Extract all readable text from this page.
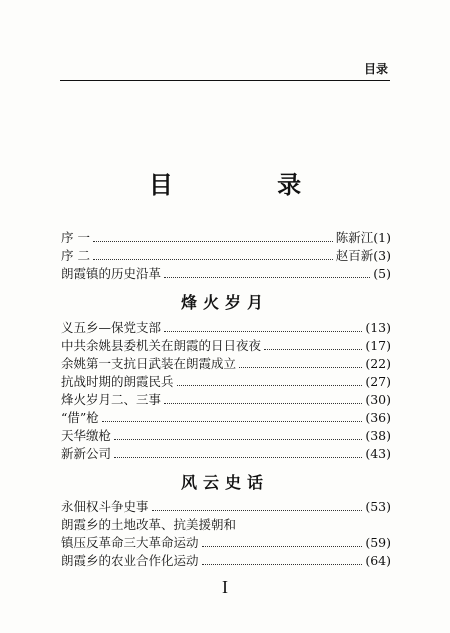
目录
目 录
序 一	陈新江 (1)
序 二	赵百新 (3)
朗霞镇的历史沿革	(5)
烽火岁月
义五乡—保党支部	(13)
中共余姚县委机关在朗霞的日日夜夜	(17)
余姚第一支抗日武装在朗霞成立	(22)
抗战时期的朗霞民兵	(27)
烽火岁月二、三事	(30)
“借”枪	(36)
天华缴枪	(38)
新新公司	(43)
风云史话
永佃权斗争史事	(53)
朗霞乡的土地改革、抗美援朝和
镇压反革命三大革命运动	(59)
朗霞乡的农业合作化运动	(64)
I
